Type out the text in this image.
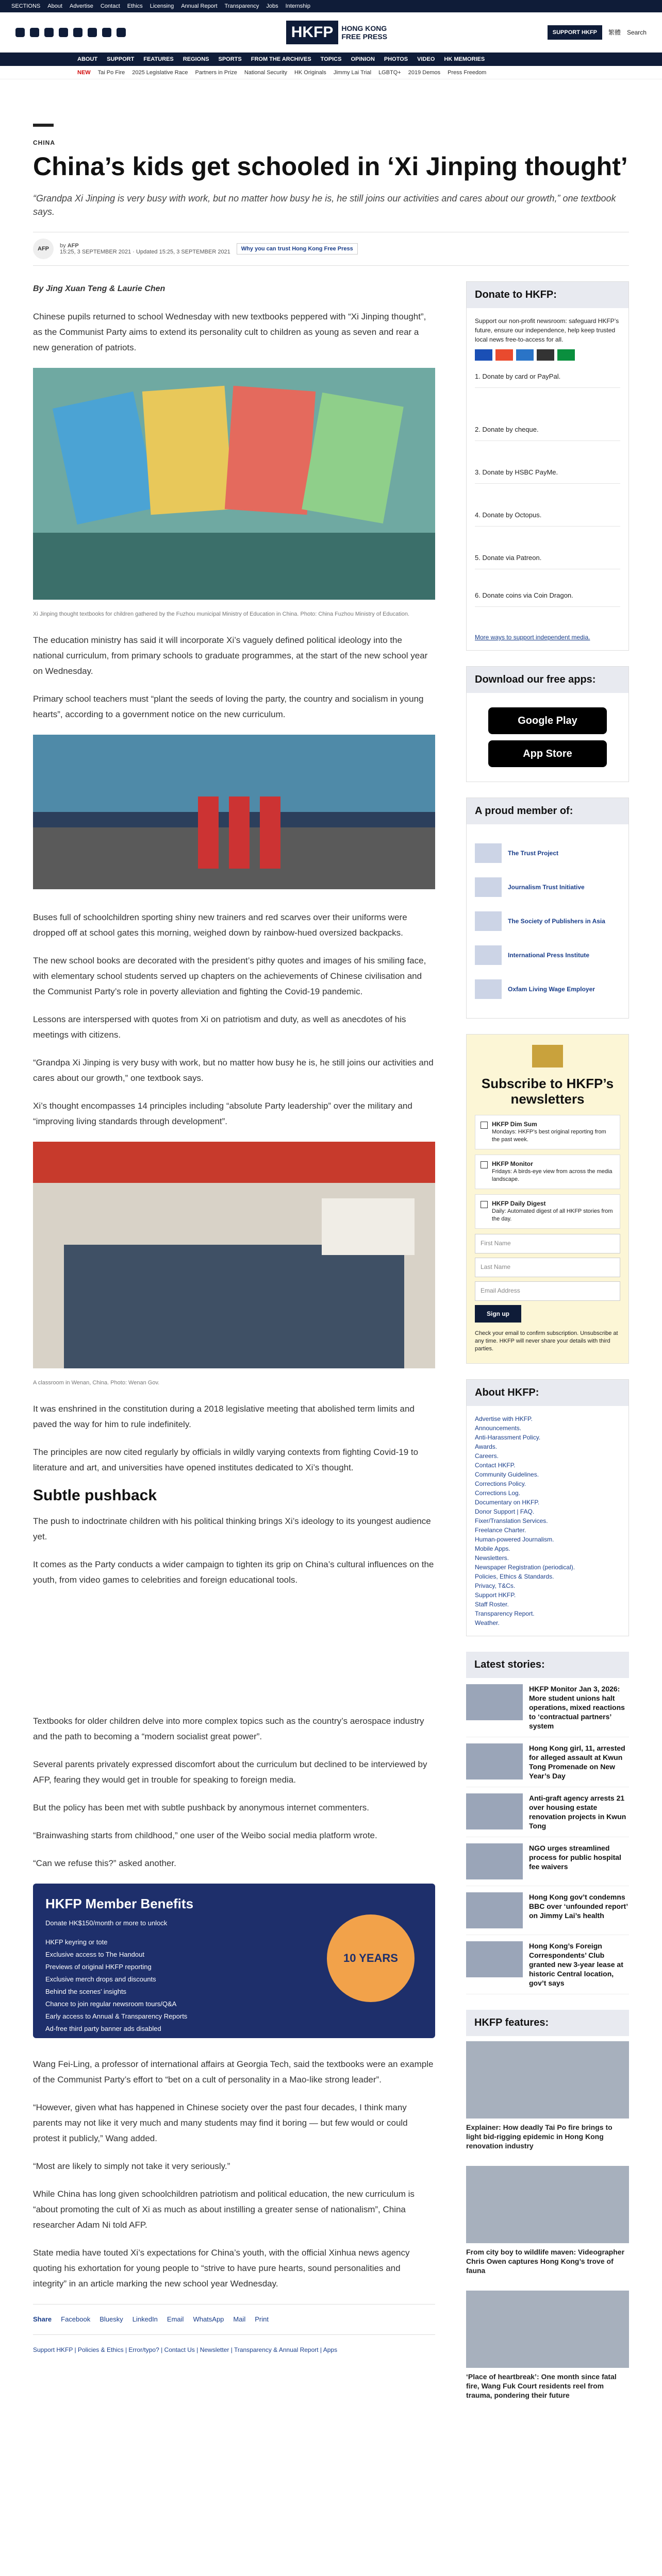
SECTIONS About Advertise Contact Ethics Licensing Annual Report Transparency Jobs Internship
HKFP	HONG KONG
FREE PRESS	SUPPORT HKFP	繁體 Search
ABOUT SUPPORT FEATURES REGIONS SPORTS FROM THE ARCHIVES TOPICS OPINION PHOTOS VIDEO HK MEMORIES
NEW Tai Po Fire 2025 Legislative Race Partners in Prize National Security HK Originals Jimmy Lai Trial LGBTQ+ 2019 Demos Press Freedom
CHINA
China’s kids get schooled in ‘Xi Jinping thought’
“Grandpa Xi Jinping is very busy with work, but no matter how busy he is, he still joins our activities and cares about our growth,” one textbook says.
AFP	by AFP
15:25, 3 SEPTEMBER 2021 · Updated 15:25, 3 SEPTEMBER 2021	Why you can trust Hong Kong Free Press
By Jing Xuan Teng & Laurie Chen

Chinese pupils returned to school Wednesday with new textbooks peppered with “Xi Jinping thought”, as the Communist Party aims to extend its personality cult to children as young as seven and rear a new generation of patriots.

Xi Jinping thought textbooks for children gathered by the Fuzhou municipal Ministry of Education in China. Photo: China Fuzhou Ministry of Education.

The education ministry has said it will incorporate Xi’s vaguely defined political ideology into the national curriculum, from primary schools to graduate programmes, at the start of the new school year on Wednesday.

Primary school teachers must “plant the seeds of loving the party, the country and socialism in young hearts”, according to a government notice on the new curriculum.

Buses full of schoolchildren sporting shiny new trainers and red scarves over their uniforms were dropped off at school gates this morning, weighed down by rainbow-hued oversized backpacks.

The new school books are decorated with the president’s pithy quotes and images of his smiling face, with elementary school students served up chapters on the achievements of Chinese civilisation and the Communist Party’s role in poverty alleviation and fighting the Covid-19 pandemic.

Lessons are interspersed with quotes from Xi on patriotism and duty, as well as anecdotes of his meetings with citizens.

“Grandpa Xi Jinping is very busy with work, but no matter how busy he is, he still joins our activities and cares about our growth,” one textbook says.

Xi’s thought encompasses 14 principles including “absolute Party leadership” over the military and “improving living standards through development”.

A classroom in Wenan, China. Photo: Wenan Gov.

It was enshrined in the constitution during a 2018 legislative meeting that abolished term limits and paved the way for him to rule indefinitely.

The principles are now cited regularly by officials in wildly varying contexts from fighting Covid-19 to literature and art, and universities have opened institutes dedicated to Xi’s thought.

Subtle pushback

The push to indoctrinate children with his political thinking brings Xi’s ideology to its youngest audience yet.

It comes as the Party conducts a wider campaign to tighten its grip on China’s cultural influences on the youth, from video games to celebrities and foreign educational tools.

Textbooks for older children delve into more complex topics such as the country’s aerospace industry and the path to becoming a “modern socialist great power”.

Several parents privately expressed discomfort about the curriculum but declined to be interviewed by AFP, fearing they would get in trouble for speaking to foreign media.

But the policy has been met with subtle pushback by anonymous internet commenters.

“Brainwashing starts from childhood,” one user of the Weibo social media platform wrote.

“Can we refuse this?” asked another.

HKFP Member Benefits
Donate HK$150/month or more to unlock
HKFP keyring or tote
Exclusive access to The Handout
Previews of original HKFP reporting
Exclusive merch drops and discounts
Behind the scenes’ insights
Chance to join regular newsroom tours/Q&A
Early access to Annual & Transparency Reports
Ad-free third party banner ads disabled
10 YEARS

Wang Fei-Ling, a professor of international affairs at Georgia Tech, said the textbooks were an example of the Communist Party’s effort to “bet on a cult of personality in a Mao-like strong leader”.

“However, given what has happened in Chinese society over the past four decades, I think many parents may not like it very much and many students may find it boring — but few would or could protest it publicly,” Wang added.

“Most are likely to simply not take it very seriously.”

While China has long given schoolchildren patriotism and political education, the new curriculum is “about promoting the cult of Xi as much as about instilling a greater sense of nationalism”, China researcher Adam Ni told AFP.

State media have touted Xi’s expectations for China’s youth, with the official Xinhua news agency quoting his exhortation for young people to “strive to have pure hearts, sound personalities and integrity” in an article marking the new school year Wednesday.

Share Facebook Bluesky LinkedIn Email WhatsApp Mail Print
Support HKFP | Policies & Ethics | Error/typo? | Contact Us | Newsletter | Transparency & Annual Report | Apps
Donate to HKFP:
Support our non-profit newsroom: safeguard HKFP’s future, ensure our independence, help keep trusted local news free-to-access for all.
1. Donate by card or PayPal.
2. Donate by cheque.
3. Donate by HSBC PayMe.
4. Donate by Octopus.
5. Donate via Patreon.
6. Donate coins via Coin Dragon.
More ways to support independent media.
Download our free apps:
Google Play
App Store
A proud member of:
The Trust Project
Journalism Trust Initiative
The Society of Publishers in Asia
International Press Institute
Oxfam Living Wage Employer
Subscribe to HKFP’s newsletters
HKFP Dim Sum
Mondays: HKFP’s best original reporting from the past week.
HKFP Monitor
Fridays: A birds-eye view from across the media landscape.
HKFP Daily Digest
Daily: Automated digest of all HKFP stories from the day.
First Name
Last Name
Email Address
Sign up
Check your email to confirm subscription. Unsubscribe at any time. HKFP will never share your details with third parties.
About HKFP:
Advertise with HKFP.
Announcements.
Anti-Harassment Policy.
Awards.
Careers.
Contact HKFP.
Community Guidelines.
Corrections Policy.
Corrections Log.
Documentary on HKFP.
Donor Support | FAQ.
Fixer/Translation Services.
Freelance Charter.
Human-powered Journalism.
Mobile Apps.
Newsletters.
Newspaper Registration (periodical).
Policies, Ethics & Standards.
Privacy, T&Cs.
Support HKFP.
Staff Roster.
Transparency Report.
Weather.
Latest stories:
HKFP Monitor Jan 3, 2026: More student unions halt operations, mixed reactions to ‘contractual partners’ system
Hong Kong girl, 11, arrested for alleged assault at Kwun Tong Promenade on New Year’s Day
Anti-graft agency arrests 21 over housing estate renovation projects in Kwun Tong
NGO urges streamlined process for public hospital fee waivers
Hong Kong gov’t condemns BBC over ‘unfounded report’ on Jimmy Lai’s health
Hong Kong’s Foreign Correspondents’ Club granted new 3-year lease at historic Central location, gov’t says
HKFP features:
Explainer: How deadly Tai Po fire brings to light bid-rigging epidemic in Hong Kong renovation industry
From city boy to wildlife maven: Videographer Chris Owen captures Hong Kong’s trove of fauna
‘Place of heartbreak’: One month since fatal fire, Wang Fuk Court residents reel from trauma, pondering their future
